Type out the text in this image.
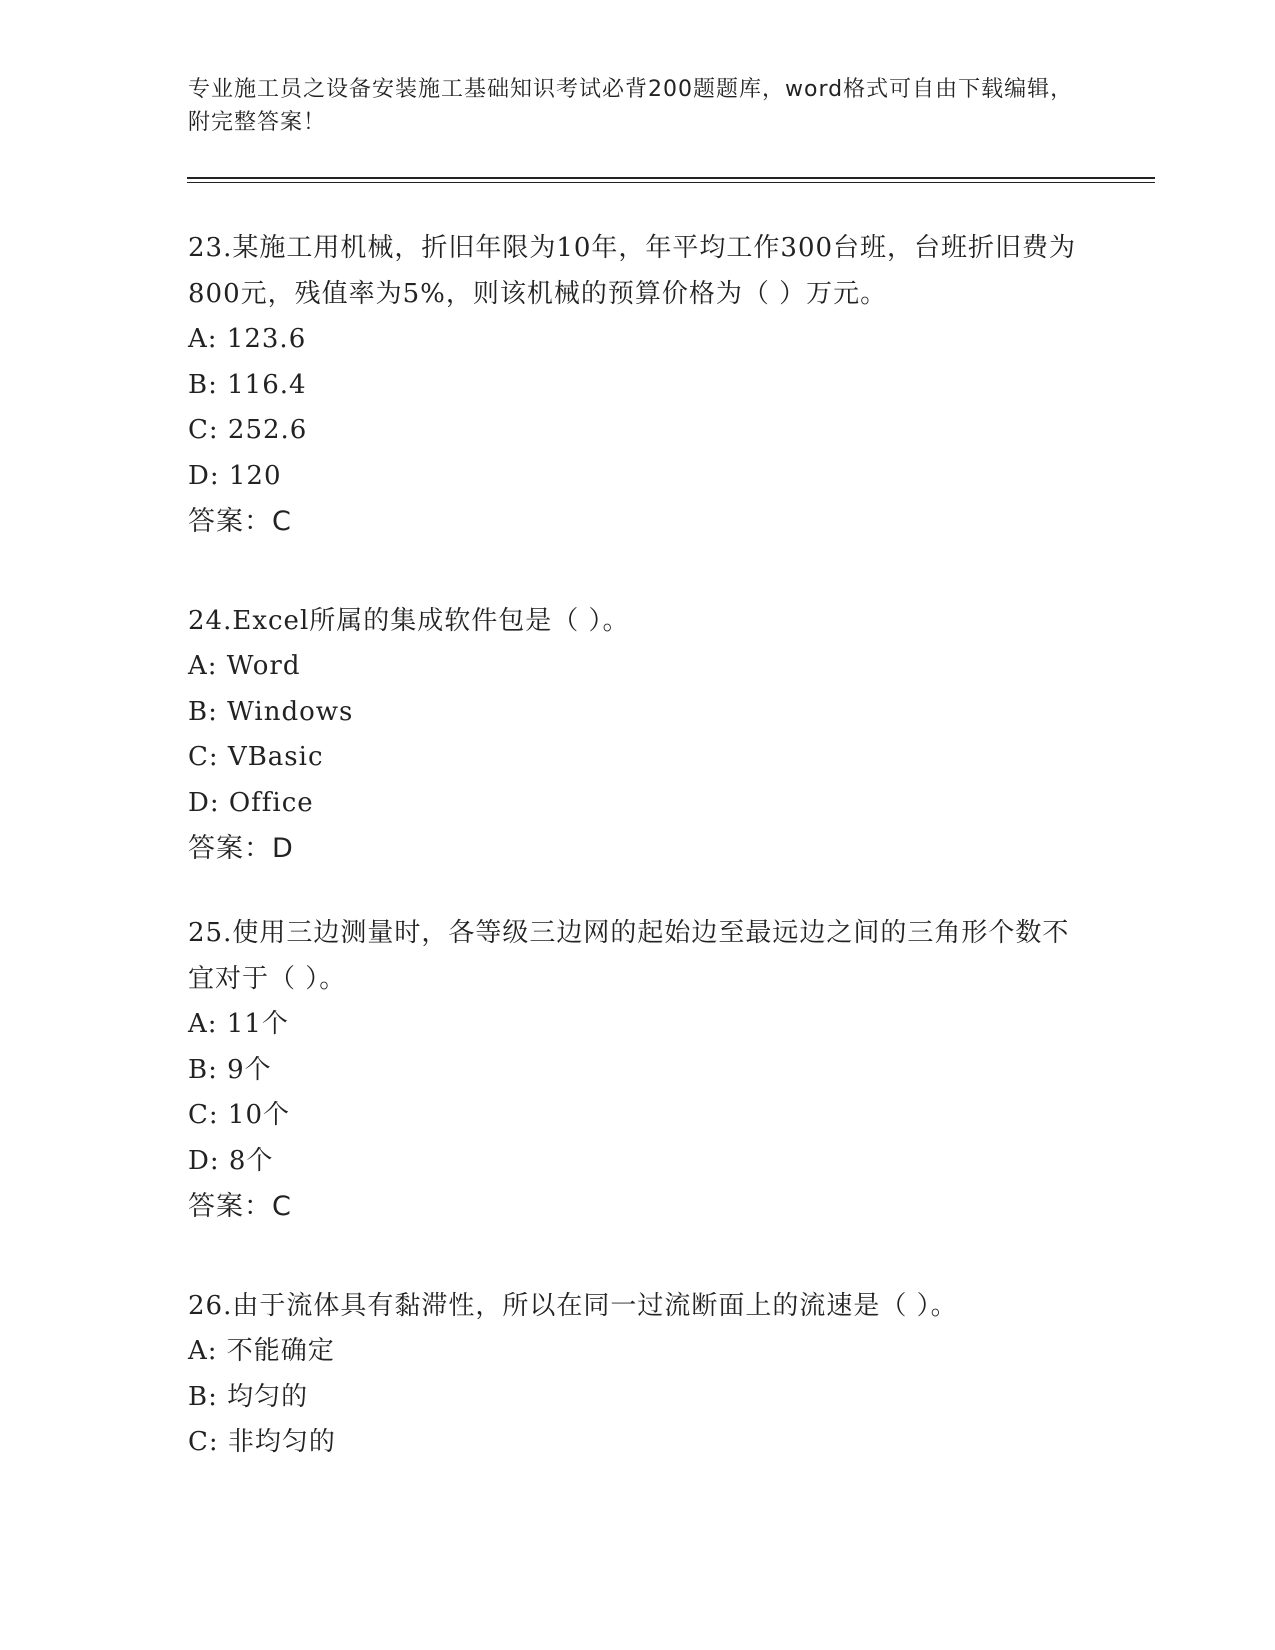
专业施工员之设备安装施工基础知识考试必背200题题库，word格式可自由下载编辑，附完整答案！

23.某施工用机械，折旧年限为10年，年平均工作300台班，台班折旧费为800元，残值率为5%，则该机械的预算价格为（ ）万元。

A: 123.6

B: 116.4

C: 252.6

D: 120

答案：C

24.Excel所属的集成软件包是（ ）。

A: Word

B: Windows

C: VBasic

D: Office

答案：D

25.使用三边测量时，各等级三边网的起始边至最远边之间的三角形个数不宜对于（ ）。

A: 11个

B: 9个

C: 10个

D: 8个

答案：C

26.由于流体具有黏滞性，所以在同一过流断面上的流速是（ ）。

A: 不能确定

B: 均匀的

C: 非均匀的
